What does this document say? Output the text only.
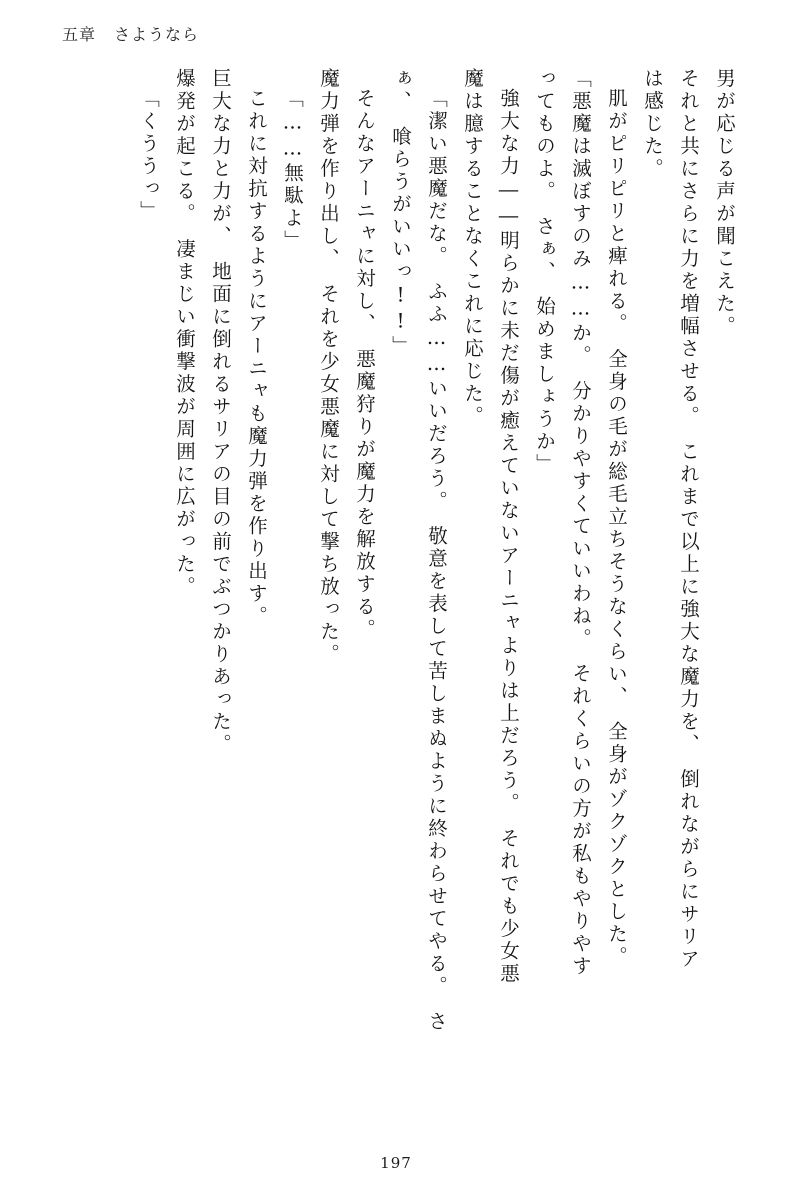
五章 さようなら
男が応じる声が聞こえた。
それと共にさらに力を増幅させる。　これまで以上に強大な魔力を、　倒れながらにサリア
は感じた。
肌がピリピリと痺れる。　全身の毛が総毛立ちそうなくらい、　全身がゾクゾクとした。
「悪魔は滅ぼすのみ……か。　分かりやすくていいわね。　それくらいの方が私もやりやす
ってものよ。　さぁ、　始めましょうか」
強大な力――明らかに未だ傷が癒えていないアーニャよりは上だろう。　それでも少女悪
魔は臆することなくこれに応じた。
「潔い悪魔だな。　ふふ……いいだろう。　敬意を表して苦しまぬように終わらせてやる。　さ
ぁ、　喰らうがいいっ!!」
そんなアーニャに対し、　悪魔狩りが魔力を解放する。
魔力弾を作り出し、　それを少女悪魔に対して撃ち放った。
「……無駄よ」
これに対抗するようにアーニャも魔力弾を作り出す。
巨大な力と力が、　地面に倒れるサリアの目の前でぶつかりあった。
爆発が起こる。　凄まじい衝撃波が周囲に広がった。
「くううっ」
197
